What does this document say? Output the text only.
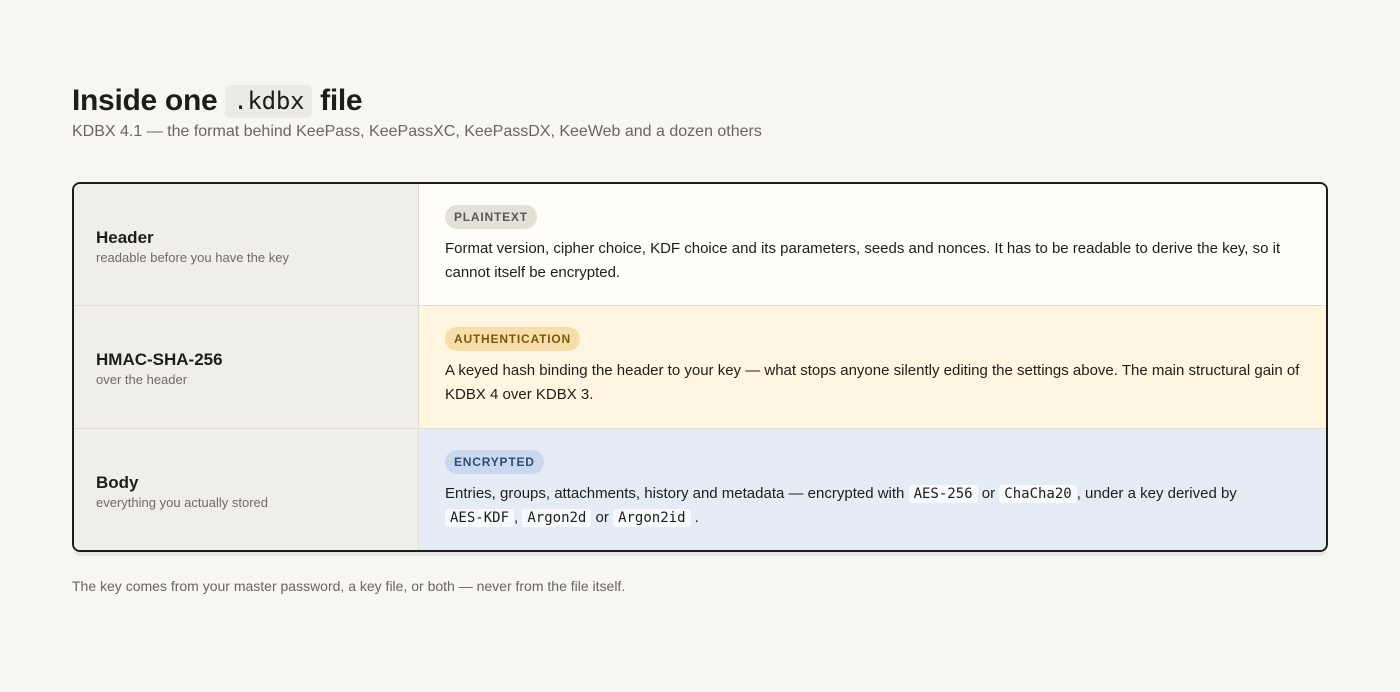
Inside one .kdbx file
KDBX 4.1 — the format behind KeePass, KeePassXC, KeePassDX, KeeWeb and a dozen others
Header
readable before you have the key
PLAINTEXT
Format version, cipher choice, KDF choice and its parameters, seeds and nonces. It has to be readable to derive the key, so it cannot itself be encrypted.
HMAC-SHA-256
over the header
AUTHENTICATION
A keyed hash binding the header to your key — what stops anyone silently editing the settings above. The main structural gain of KDBX 4 over KDBX 3.
Body
everything you actually stored
ENCRYPTED
Entries, groups, attachments, history and metadata — encrypted with AES-256 or ChaCha20 , under a key derived by
AES-KDF , Argon2d or Argon2id .
The key comes from your master password, a key file, or both — never from the file itself.
